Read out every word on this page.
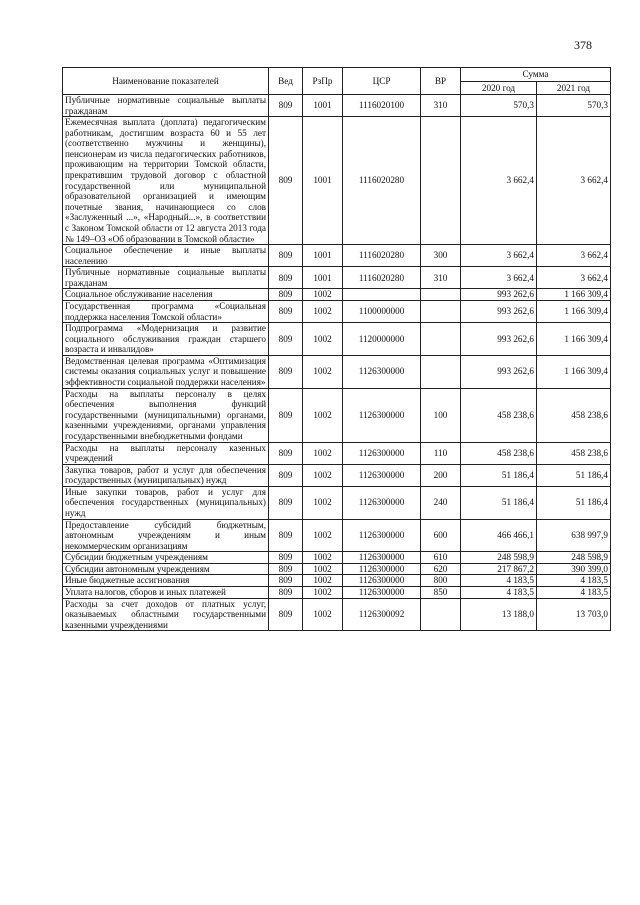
378
Наименование показателей	Вед	РзПр	ЦСР	ВР	Сумма	
					2020 год	2021 год
Публичные нормативные социальные выплаты гражданам	809	1001	1116020100	310	570,3	570,3
Ежемесячная выплата (доплата) педагогическим работникам, достигшим возраста 60 и 55 лет (соответственно мужчины и женщины), пенсионерам из числа педагогических работников, проживающим на территории Томской области, прекратившим трудовой договор с областной государственной или муниципальной образовательной организацией и имеющим почетные звания, начинающиеся со слов «Заслуженный ...», «Народный...», в соответствии с Законом Томской области от 12 августа 2013 года № 149–ОЗ «Об образовании в Томской области»	809	1001	1116020280		3 662,4	3 662,4
Социальное обеспечение и иные выплаты населению	809	1001	1116020280	300	3 662,4	3 662,4
Публичные нормативные социальные выплаты гражданам	809	1001	1116020280	310	3 662,4	3 662,4
Социальное обслуживание населения	809	1002			993 262,6	1 166 309,4
Государственная программа «Социальная поддержка населения Томской области»	809	1002	1100000000		993 262,6	1 166 309,4
Подпрограмма «Модернизация и развитие социального обслуживания граждан старшего возраста и инвалидов»	809	1002	1120000000		993 262,6	1 166 309,4
Ведомственная целевая программа «Оптимизация системы оказания социальных услуг и повышение эффективности социальной поддержки населения»	809	1002	1126300000		993 262,6	1 166 309,4
Расходы на выплаты персоналу в целях обеспечения выполнения функций государственными (муниципальными) органами, казенными учреждениями, органами управления государственными внебюджетными фондами	809	1002	1126300000	100	458 238,6	458 238,6
Расходы на выплаты персоналу казенных учреждений	809	1002	1126300000	110	458 238,6	458 238,6
Закупка товаров, работ и услуг для обеспечения государственных (муниципальных) нужд	809	1002	1126300000	200	51 186,4	51 186,4
Иные закупки товаров, работ и услуг для обеспечения государственных (муниципальных) нужд	809	1002	1126300000	240	51 186,4	51 186,4
Предоставление субсидий бюджетным, автономным учреждениям и иным некоммерческим организациям	809	1002	1126300000	600	466 466,1	638 997,9
Субсидии бюджетным учреждениям	809	1002	1126300000	610	248 598,9	248 598,9
Субсидии автономным учреждениям	809	1002	1126300000	620	217 867,2	390 399,0
Иные бюджетные ассигнования	809	1002	1126300000	800	4 183,5	4 183,5
Уплата налогов, сборов и иных платежей	809	1002	1126300000	850	4 183,5	4 183,5
Расходы за счет доходов от платных услуг, оказываемых областными государственными казенными учреждениями	809	1002	1126300092		13 188,0	13 703,0
